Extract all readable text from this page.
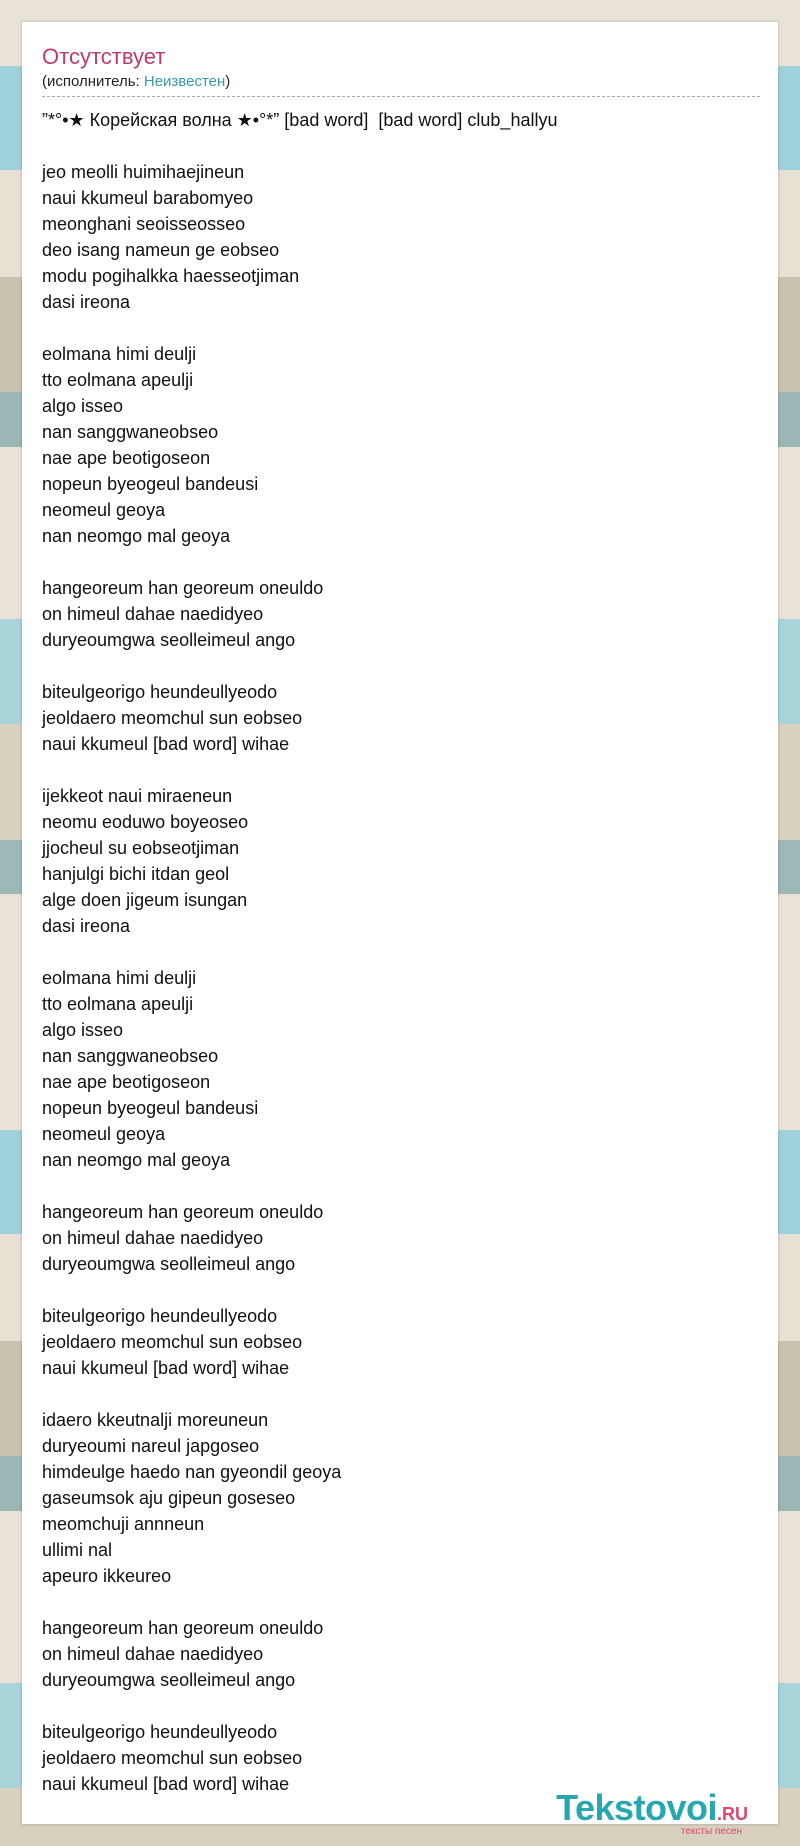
Отсутствует
(исполнитель: Неизвестен)
”*°•★ Корейская волна ★•°*” [bad word]  [bad word] club_hallyu
jeo meolli huimihaejineun
naui kkumeul barabomyeo
meonghani seoisseosseo
deo isang nameun ge eobseo
modu pogihalkka haesseotjiman
dasi ireona
eolmana himi deulji
tto eolmana apeulji
algo isseo
nan sanggwaneobseo
nae ape beotigoseon
nopeun byeogeul bandeusi
neomeul geoya
nan neomgo mal geoya
hangeoreum han georeum oneuldo
on himeul dahae naedidyeo
duryeoumgwa seolleimeul ango
biteulgeorigo heundeullyeodo
jeoldaero meomchul sun eobseo
naui kkumeul [bad word] wihae
ijekkeot naui miraeneun
neomu eoduwo boyeoseo
jjocheul su eobseotjiman
hanjulgi bichi itdan geol
alge doen jigeum isungan
dasi ireona
eolmana himi deulji
tto eolmana apeulji
algo isseo
nan sanggwaneobseo
nae ape beotigoseon
nopeun byeogeul bandeusi
neomeul geoya
nan neomgo mal geoya
hangeoreum han georeum oneuldo
on himeul dahae naedidyeo
duryeoumgwa seolleimeul ango
biteulgeorigo heundeullyeodo
jeoldaero meomchul sun eobseo
naui kkumeul [bad word] wihae
idaero kkeutnalji moreuneun
duryeoumi nareul japgoseo
himdeulge haedo nan gyeondil geoya
gaseumsok aju gipeun goseseo
meomchuji annneun
ullimi nal
apeuro ikkeureo
hangeoreum han georeum oneuldo
on himeul dahae naedidyeo
duryeoumgwa seolleimeul ango
biteulgeorigo heundeullyeodo
jeoldaero meomchul sun eobseo
naui kkumeul [bad word] wihae
Tekstovoi.RU
тексты песен
